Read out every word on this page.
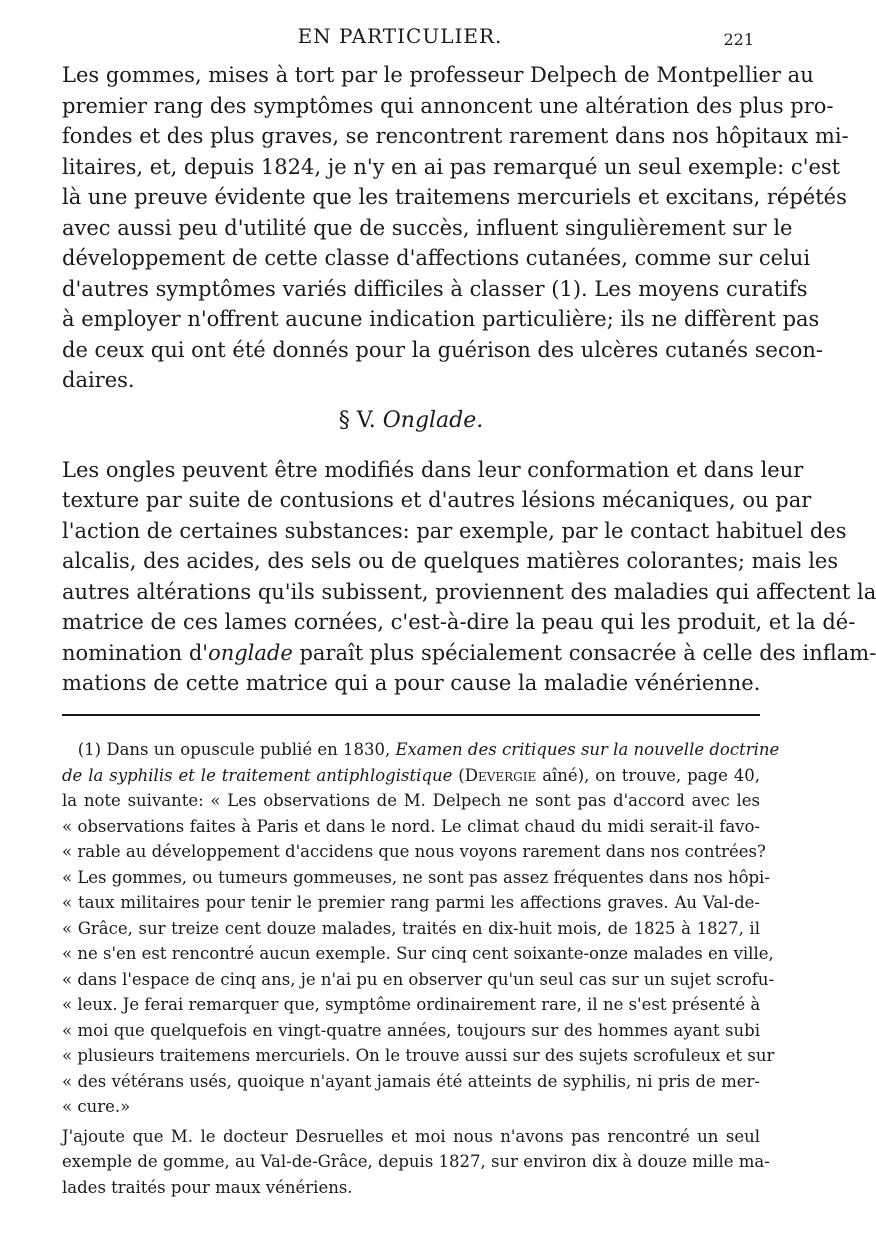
EN PARTICULIER.	221

Les gommes, mises à tort par le professeur Delpech de Montpellier au
premier rang des symptômes qui annoncent une altération des plus pro-
fondes et des plus graves, se rencontrent rarement dans nos hôpitaux mi-
litaires, et, depuis 1824, je n'y en ai pas remarqué un seul exemple: c'est
là une preuve évidente que les traitemens mercuriels et excitans, répétés
avec aussi peu d'utilité que de succès, influent singulièrement sur le
développement de cette classe d'affections cutanées, comme sur celui
d'autres symptômes variés difficiles à classer (1). Les moyens curatifs
à employer n'offrent aucune indication particulière; ils ne diffèrent pas
de ceux qui ont été donnés pour la guérison des ulcères cutanés secon-
daires.

§ V. Onglade.

Les ongles peuvent être modifiés dans leur conformation et dans leur
texture par suite de contusions et d'autres lésions mécaniques, ou par
l'action de certaines substances: par exemple, par le contact habituel des
alcalis, des acides, des sels ou de quelques matières colorantes; mais les
autres altérations qu'ils subissent, proviennent des maladies qui affectent la
matrice de ces lames cornées, c'est-à-dire la peau qui les produit, et la dé-
nomination d'onglade paraît plus spécialement consacrée à celle des inflam-
mations de cette matrice qui a pour cause la maladie vénérienne.

(1) Dans un opuscule publié en 1830, Examen des critiques sur la nouvelle doctrine
de la syphilis et le traitement antiphlogistique (Devergie aîné), on trouve, page 40,
la note suivante: « Les observations de M. Delpech ne sont pas d'accord avec les
« observations faites à Paris et dans le nord. Le climat chaud du midi serait-il favo-
« rable au développement d'accidens que nous voyons rarement dans nos contrées?
« Les gommes, ou tumeurs gommeuses, ne sont pas assez fréquentes dans nos hôpi-
« taux militaires pour tenir le premier rang parmi les affections graves. Au Val-de-
« Grâce, sur treize cent douze malades, traités en dix-huit mois, de 1825 à 1827, il
« ne s'en est rencontré aucun exemple. Sur cinq cent soixante-onze malades en ville,
« dans l'espace de cinq ans, je n'ai pu en observer qu'un seul cas sur un sujet scrofu-
« leux. Je ferai remarquer que, symptôme ordinairement rare, il ne s'est présenté à
« moi que quelquefois en vingt-quatre années, toujours sur des hommes ayant subi
« plusieurs traitemens mercuriels. On le trouve aussi sur des sujets scrofuleux et sur
« des vétérans usés, quoique n'ayant jamais été atteints de syphilis, ni pris de mer-
« cure.»

J'ajoute que M. le docteur Desruelles et moi nous n'avons pas rencontré un seul
exemple de gomme, au Val-de-Grâce, depuis 1827, sur environ dix à douze mille ma-
lades traités pour maux vénériens.
